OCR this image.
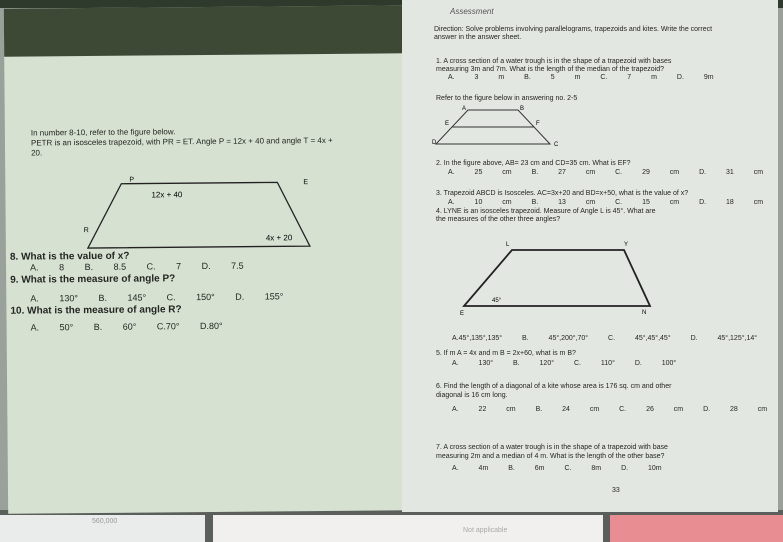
560,000
Not applicable
In number 8-10, refer to the figure below.
PETR is an isosceles trapezoid, with PR = ET. Angle P = 12x + 40 and angle T = 4x +
20.
P	E
R
12x + 40
4x + 20
8. What is the value of x?
A. 8 B. 8.5 C. 7 D. 7.5
9. What is the measure of angle P?
A. 130° B. 145° C. 150° D. 155°
10. What is the measure of angle R?
A. 50° B. 60° C.70° D.80°
Assessment
Direction: Solve problems involving parallelograms, trapezoids and kites. Write the correct
answer in the answer sheet.
1. A cross section of a water trough is in the shape of a trapezoid with bases
measuring 3m and 7m. What is the length of the median of the trapezoid?
A. 3 m B. 5 m C. 7 m D. 9m
Refer to the figure below in answering no. 2-5
A	B
E	F
D	C
2. In the figure above, AB= 23 cm and CD=35 cm. What is EF?
A. 25 cm B. 27 cm C. 29 cm D. 31 cm
3. Trapezoid ABCD is Isosceles. AC=3x+20 and BD=x+50, what is the value of x?
A. 10 cm B. 13 cm C. 15 cm D. 18 cm
4. LYNE is an isosceles trapezoid. Measure of Angle L is 45°. What are
the measures of the other three angles?
L	Y
E	N
45°
A.45°,135°,135° B. 45°,200°,70° C. 45°,45°,45° D. 45°,125°,14°
5. If m A = 4x and m B = 2x+60, what is m B?
A. 130° B. 120° C. 110° D. 100°
6. Find the length of a diagonal of a kite whose area is 176 sq. cm and other
diagonal is 16 cm long.
A. 22 cm B. 24 cm C. 26 cm D. 28 cm
7. A cross section of a water trough is in the shape of a trapezoid with base
measuring 2m and a median of 4 m. What is the length of the other base?
A. 4m B. 6m C. 8m D. 10m
33
